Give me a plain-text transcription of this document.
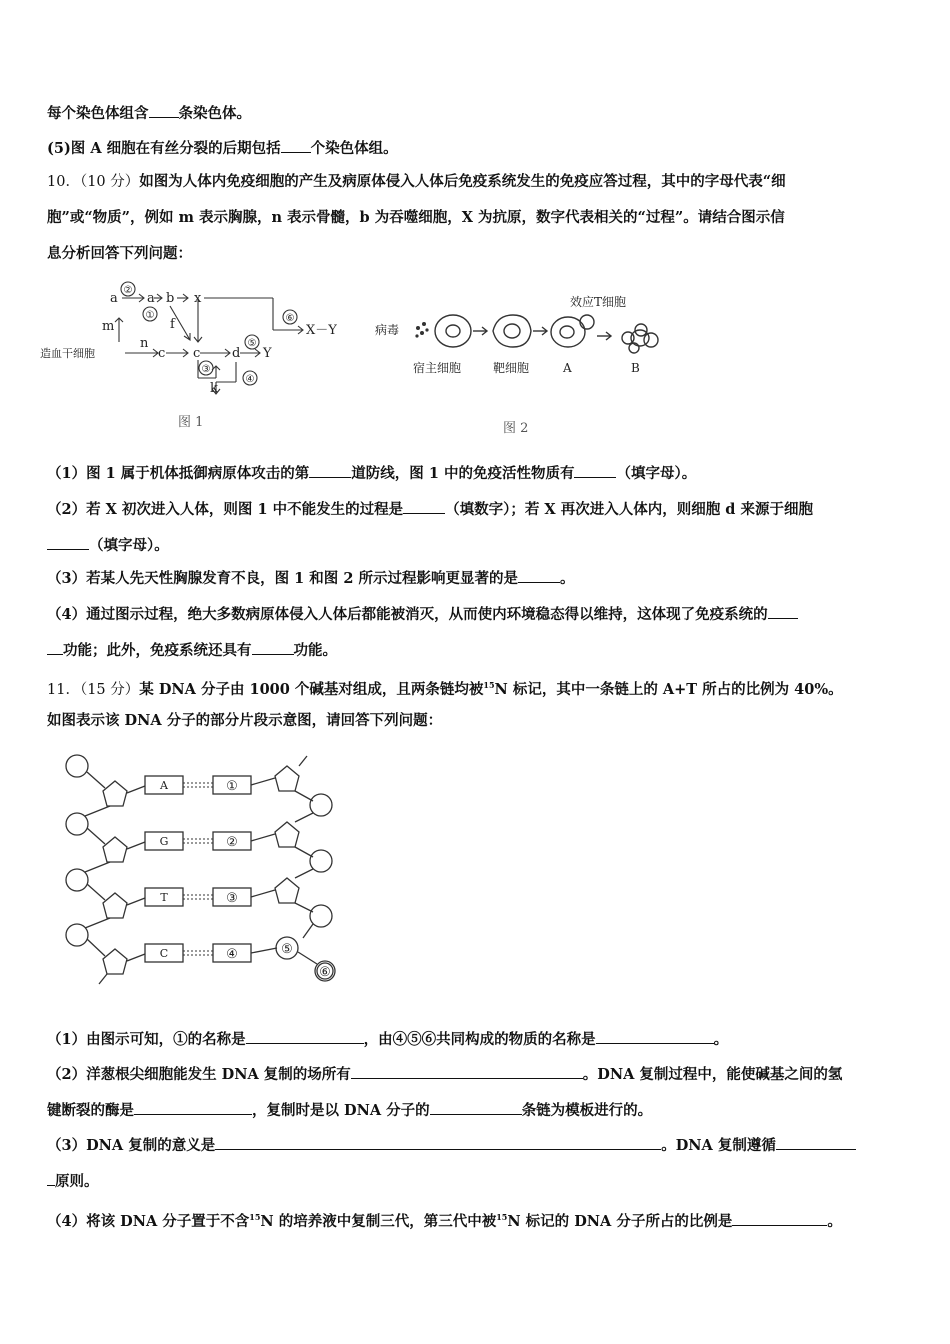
每个染色体组含 条染色体。
(5)图 A 细胞在有丝分裂的后期包括 个染色体组。
10．（10 分）如图为人体内免疫细胞的产生及病原体侵入人体后免疫系统发生的免疫应答过程，其中的字母代表“细
胞”或“物质”，例如 m 表示胸腺，n 表示骨髓，b 为吞噬细胞，X 为抗原，数字代表相关的“过程”。请结合图示信
息分析回答下列问题：
造血干细胞
a a b x
m
n
c
f
c d Y
k
X－Y
②
①
⑤
③
④
⑥
图 1
病毒
宿主细胞	靶细胞	A	B
效应T细胞
图 2
（1）图 1 属于机体抵御病原体攻击的第	道防线，图 1 中的免疫活性物质有	（填字母）。
（2）若 X 初次进入人体，则图 1 中不能发生的过程是	（填数字）；若 X 再次进入人体内，则细胞 d 来源于细胞
（填字母）。
（3）若某人先天性胸腺发育不良，图 1 和图 2 所示过程影响更显著的是	。
（4）通过图示过程，绝大多数病原体侵入人体后都能被消灭，从而使内环境稳态得以维持，这体现了免疫系统的
功能；此外，免疫系统还具有	功能。
11．（15 分）某 DNA 分子由 1000 个碱基对组成，且两条链均被$^{15}$N 标记，其中一条链上的 A+T 所占的比例为 40%。
如图表示该 DNA 分子的部分片段示意图，请回答下列问题：
A
G
T
C
①
②
③
④	⑤
⑥
（1）由图示可知，①的名称是	，由④⑤⑥共同构成的物质的名称是	。
（2）洋葱根尖细胞能发生 DNA 复制的场所有	。DNA 复制过程中，能使碱基之间的氢
键断裂的酶是	，复制时是以 DNA 分子的	条链为模板进行的。
（3）DNA 复制的意义是	。DNA 复制遵循
原则。
（4）将该 DNA 分子置于不含$^{15}$N 的培养液中复制三代，第三代中被$^{15}$N 标记的 DNA 分子所占的比例是	。
